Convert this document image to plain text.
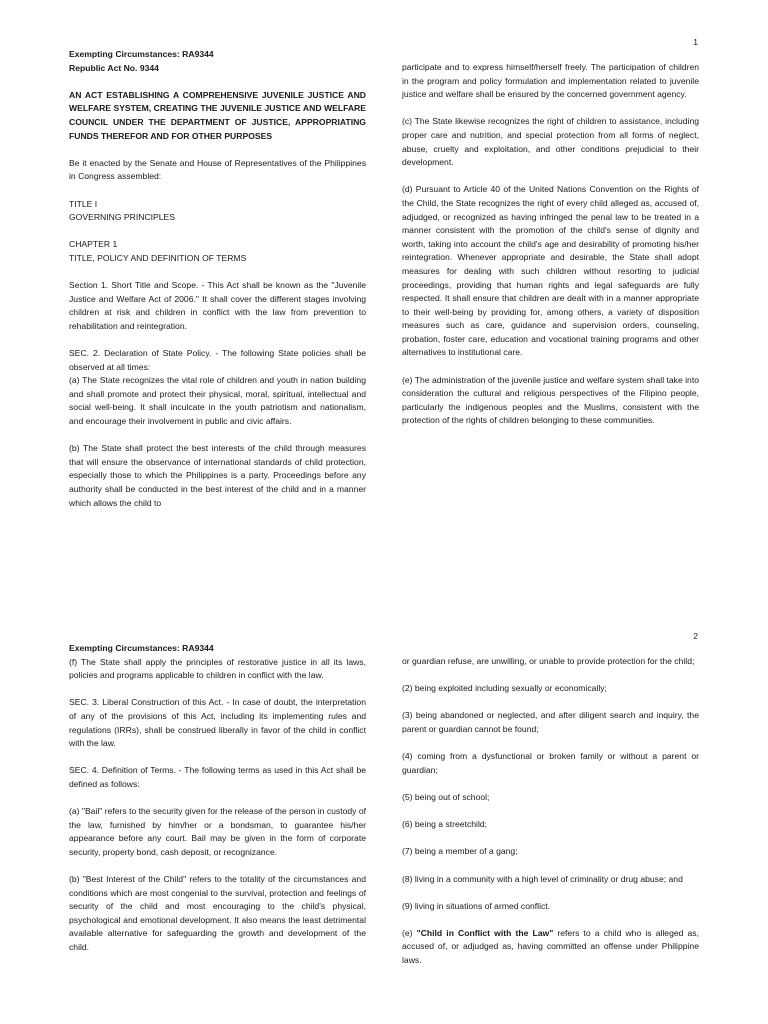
1
Exempting Circumstances: RA9344
Republic Act No. 9344
AN ACT ESTABLISHING A COMPREHENSIVE JUVENILE JUSTICE AND WELFARE SYSTEM, CREATING THE JUVENILE JUSTICE AND WELFARE COUNCIL UNDER THE DEPARTMENT OF JUSTICE, APPROPRIATING FUNDS THEREFOR AND FOR OTHER PURPOSES
Be it enacted by the Senate and House of Representatives of the Philippines in Congress assembled:
TITLE I
GOVERNING PRINCIPLES
CHAPTER 1
TITLE, POLICY AND DEFINITION OF TERMS
Section 1. Short Title and Scope. - This Act shall be known as the "Juvenile Justice and Welfare Act of 2006." It shall cover the different stages involving children at risk and children in conflict with the law from prevention to rehabilitation and reintegration.
SEC. 2. Declaration of State Policy. - The following State policies shall be observed at all times:
(a) The State recognizes the vital role of children and youth in nation building and shall promote and protect their physical, moral, spiritual, intellectual and social well-being. It shall inculcate in the youth patriotism and nationalism, and encourage their involvement in public and civic affairs.
(b) The State shall protect the best interests of the child through measures that will ensure the observance of international standards of child protection, especially those to which the Philippines is a party. Proceedings before any authority shall be conducted in the best interest of the child and in a manner which allows the child to
participate and to express himself/herself freely. The participation of children in the program and policy formulation and implementation related to juvenile justice and welfare shall be ensured by the concerned government agency.
(c) The State likewise recognizes the right of children to assistance, including proper care and nutrition, and special protection from all forms of neglect, abuse, cruelty and exploitation, and other conditions prejudicial to their development.
(d) Pursuant to Article 40 of the United Nations Convention on the Rights of the Child, the State recognizes the right of every child alleged as, accused of, adjudged, or recognized as having infringed the penal law to be treated in a manner consistent with the promotion of the child's sense of dignity and worth, taking into account the child's age and desirability of promoting his/her reintegration. Whenever appropriate and desirable, the State shall adopt measures for dealing with such children without resorting to judicial proceedings, providing that human rights and legal safeguards are fully respected. It shall ensure that children are dealt with in a manner appropriate to their well-being by providing for, among others, a variety of disposition measures such as care, guidance and supervision orders, counseling, probation, foster care, education and vocational training programs and other alternatives to institutional care.
(e) The administration of the juvenile justice and welfare system shall take into consideration the cultural and religious perspectives of the Filipino people, particularly the indigenous peoples and the Muslims, consistent with the protection of the rights of children belonging to these communities.
2
Exempting Circumstances: RA9344
(f) The State shall apply the principles of restorative justice in all its laws, policies and programs applicable to children in conflict with the law.
SEC. 3. Liberal Construction of this Act. - In case of doubt, the interpretation of any of the provisions of this Act, including its implementing rules and regulations (IRRs), shall be construed liberally in favor of the child in conflict with the law.
SEC. 4. Definition of Terms. - The following terms as used in this Act shall be defined as follows:
(a) "Bail" refers to the security given for the release of the person in custody of the law, furnished by him/her or a bondsman, to guarantee his/her appearance before any court. Bail may be given in the form of corporate security, property bond, cash deposit, or recognizance.
(b) "Best Interest of the Child" refers to the totality of the circumstances and conditions which are most congenial to the survival, protection and feelings of security of the child and most encouraging to the child's physical, psychological and emotional development. It also means the least detrimental available alternative for safeguarding the growth and development of the child.
or guardian refuse, are unwilling, or unable to provide protection for the child;
(2) being exploited including sexually or economically;
(3) being abandoned or neglected, and after diligent search and inquiry, the parent or guardian cannot be found;
(4) coming from a dysfunctional or broken family or without a parent or guardian;
(5) being out of school;
(6) being a streetchild;
(7) being a member of a gang;
(8) living in a community with a high level of criminality or drug abuse; and
(9) living in situations of armed conflict.
(e) "Child in Conflict with the Law" refers to a child who is alleged as, accused of, or adjudged as, having committed an offense under Philippine laws.
